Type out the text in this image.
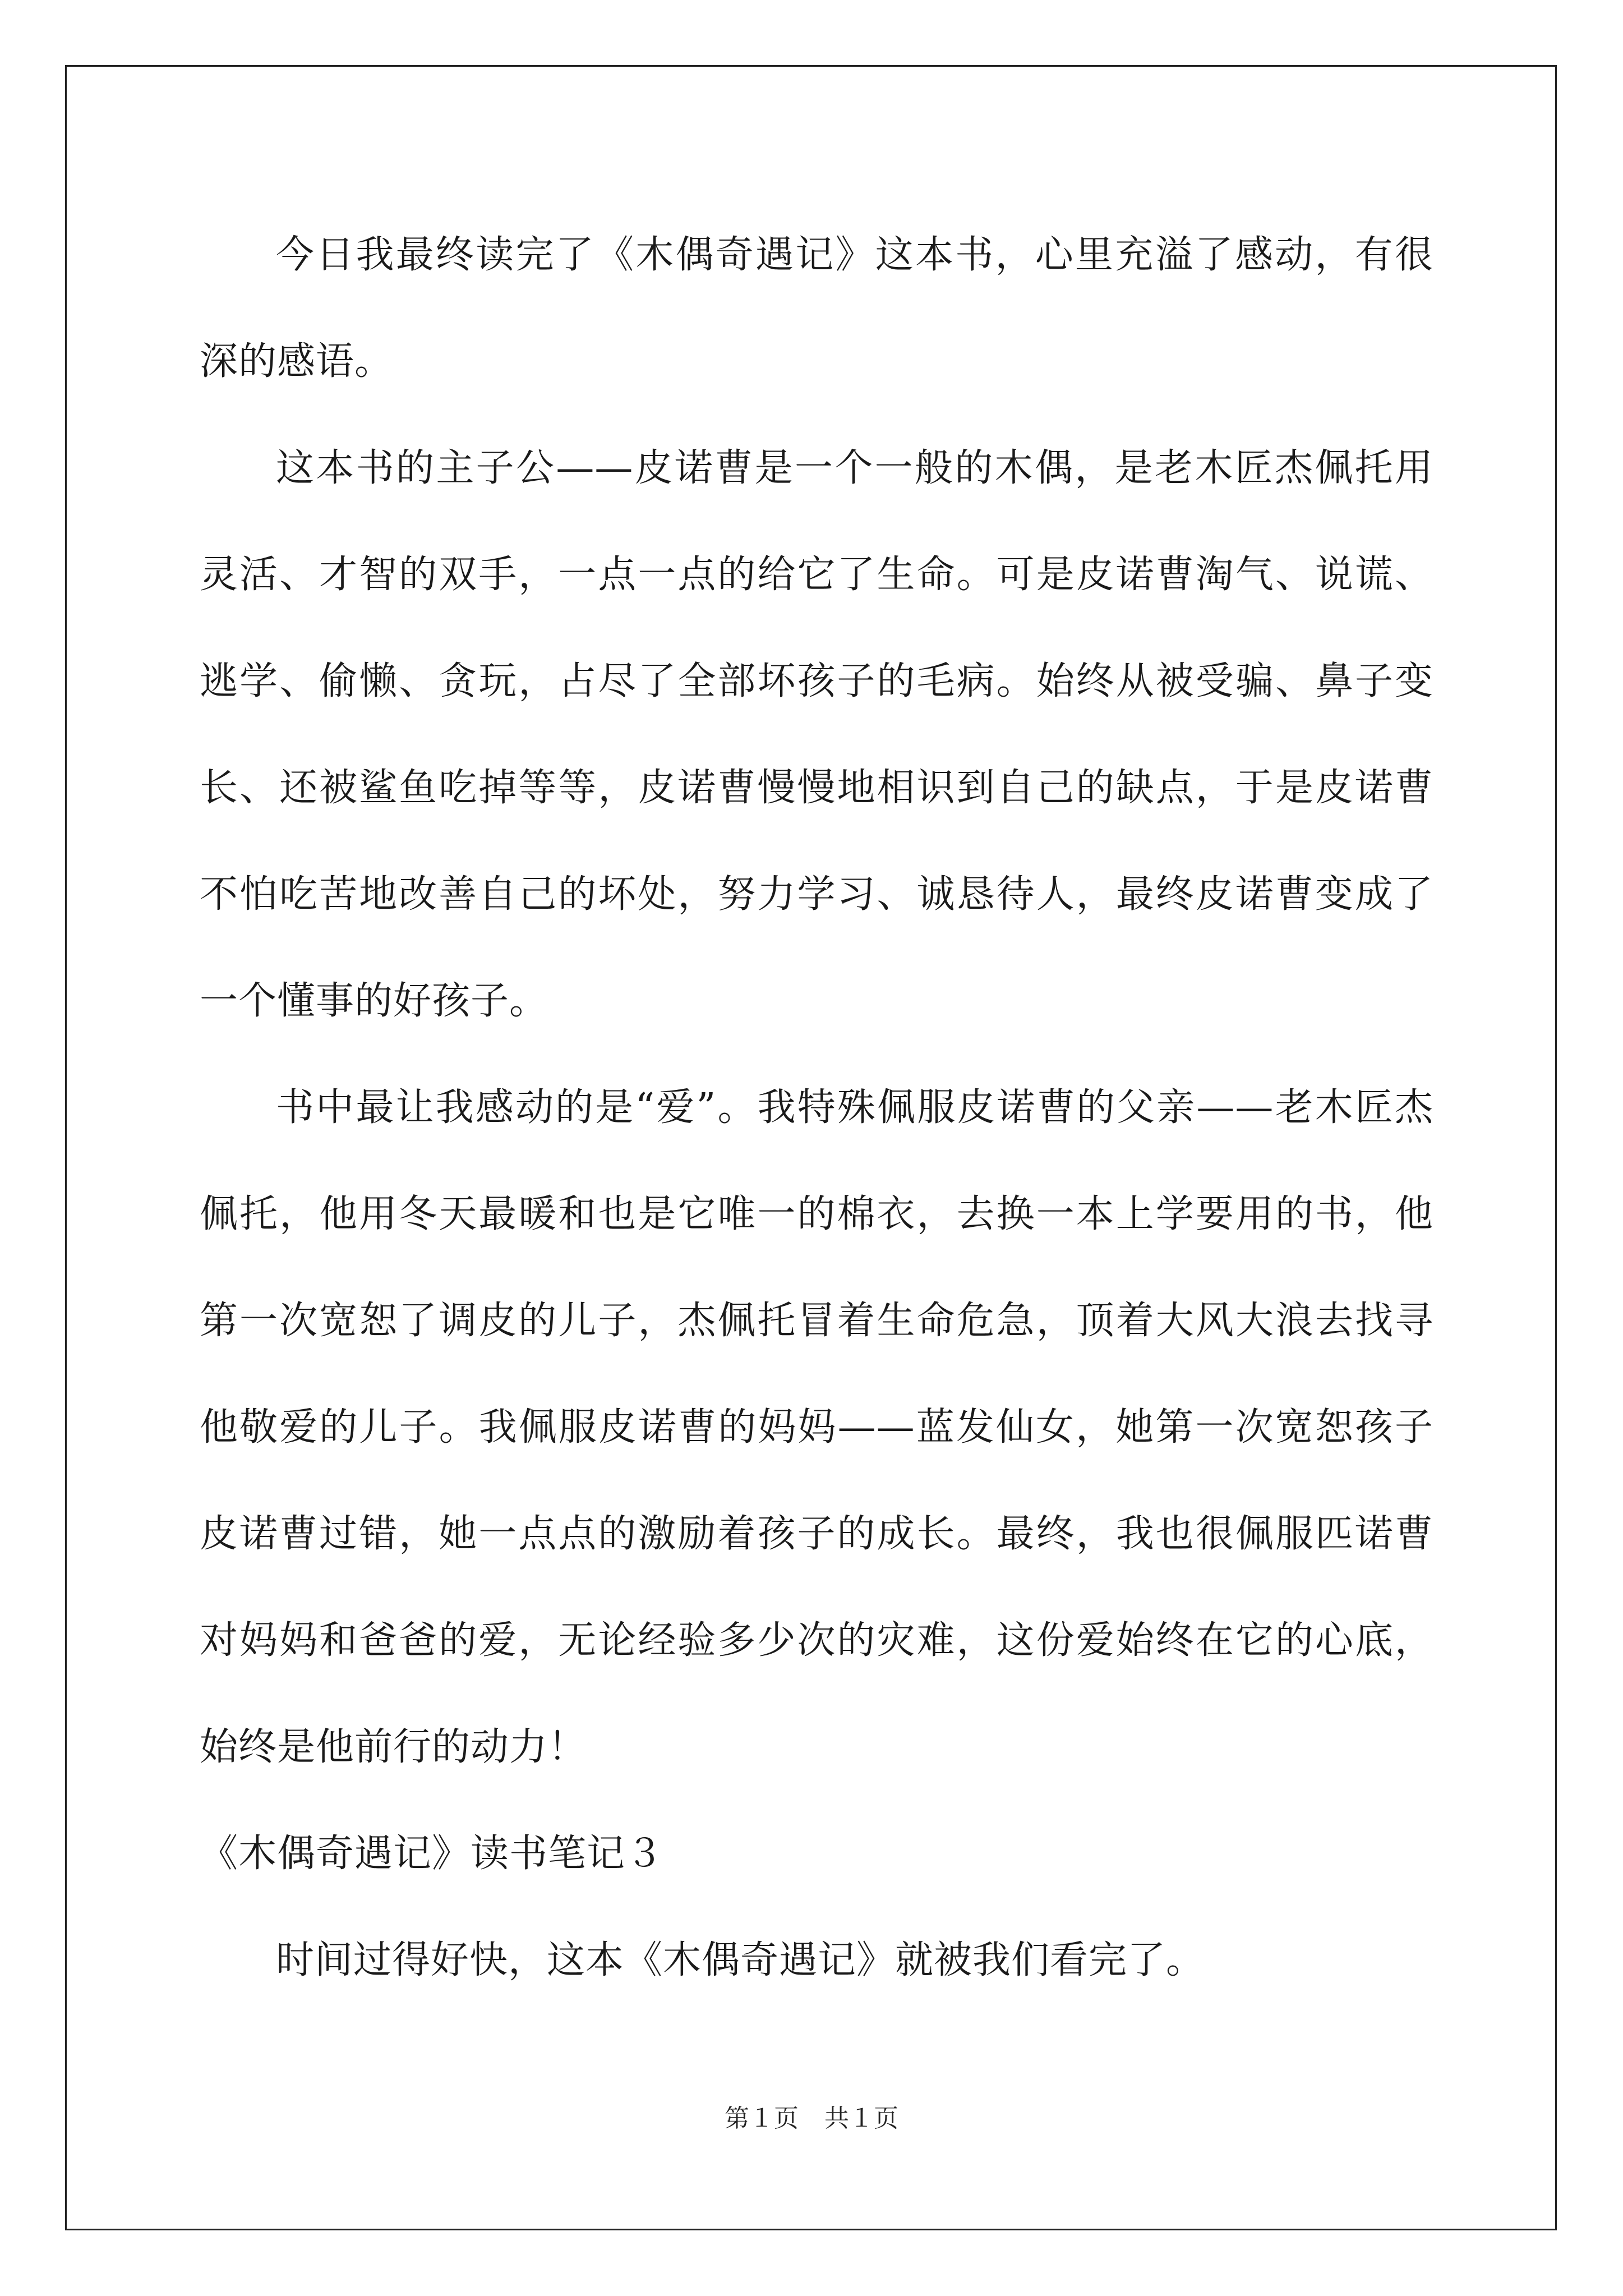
今日我最终读完了《木偶奇遇记》这本书，心里充溢了感动，有很深的感语。

这本书的主子公——皮诺曹是一个一般的木偶，是老木匠杰佩托用灵活、才智的双手，一点一点的给它了生命。可是皮诺曹淘气、说谎、逃学、偷懒、贪玩，占尽了全部坏孩子的毛病。始终从被受骗、鼻子变长、还被鲨鱼吃掉等等，皮诺曹慢慢地相识到自己的缺点，于是皮诺曹不怕吃苦地改善自己的坏处，努力学习、诚恳待人，最终皮诺曹变成了一个懂事的好孩子。

书中最让我感动的是“爱”。我特殊佩服皮诺曹的父亲——老木匠杰佩托，他用冬天最暖和也是它唯一的棉衣，去换一本上学要用的书，他第一次宽恕了调皮的儿子，杰佩托冒着生命危急，顶着大风大浪去找寻他敬爱的儿子。我佩服皮诺曹的妈妈——蓝发仙女，她第一次宽恕孩子皮诺曹过错，她一点点的激励着孩子的成长。最终，我也很佩服匹诺曹对妈妈和爸爸的爱，无论经验多少次的灾难，这份爱始终在它的心底，始终是他前行的动力！

《木偶奇遇记》读书笔记３

时间过得好快，这本《木偶奇遇记》就被我们看完了。

第１页 共１页
